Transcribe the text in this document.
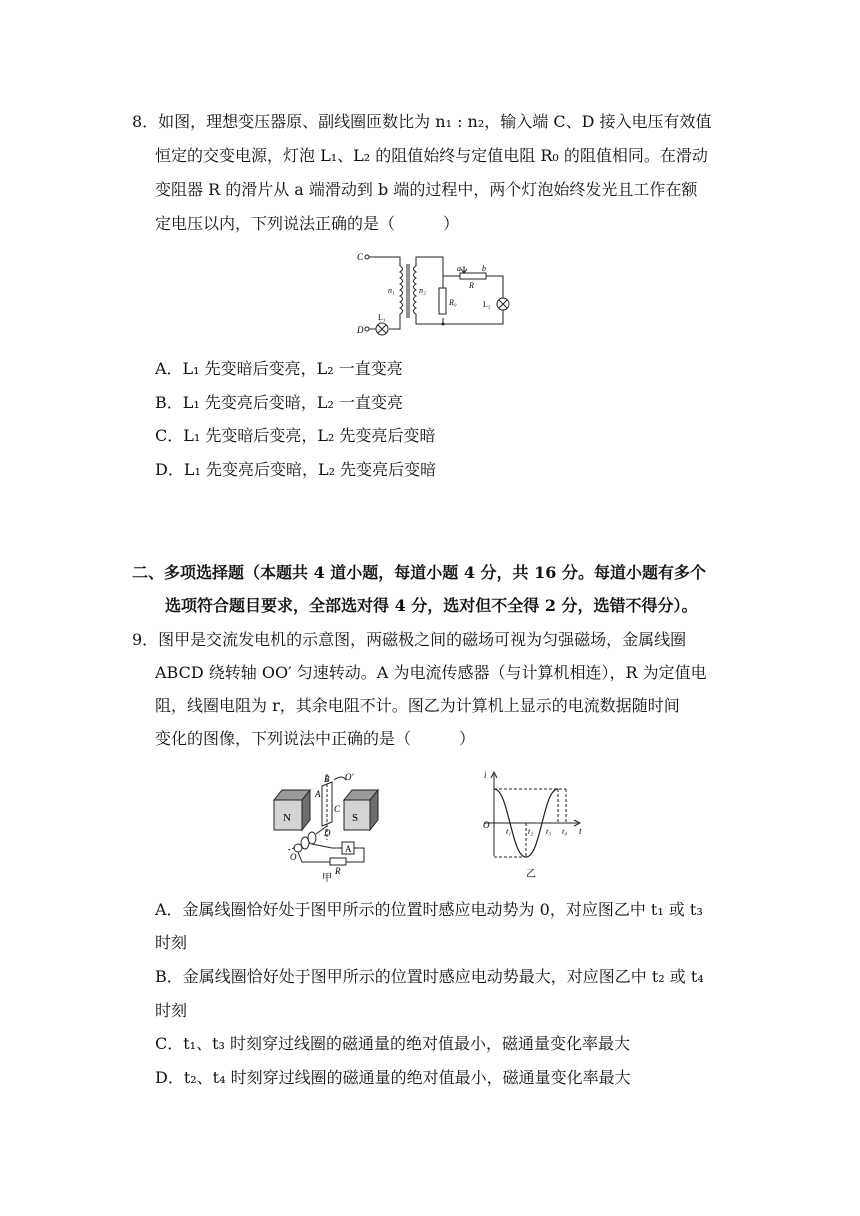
8．如图，理想变压器原、副线圈匝数比为 n₁ : n₂，输入端 C、D 接入电压有效值
恒定的交变电源，灯泡 L₁、L₂ 的阻值始终与定值电阻 R₀ 的阻值相同。在滑动
变阻器 R 的滑片从 a 端滑动到 b 端的过程中，两个灯泡始终发光且工作在额
定电压以内，下列说法正确的是（　　　）
C
D
n₁	n₂
a	b
R
R₀
L₁
L₂
A．L₁ 先变暗后变亮，L₂ 一直变亮
B．L₁ 先变亮后变暗，L₂ 一直变亮
C．L₁ 先变暗后变亮，L₂ 先变亮后变暗
D．L₁ 先变亮后变暗，L₂ 先变亮后变暗
二、多项选择题（本题共 4 道小题，每道小题 4 分，共 16 分。每道小题有多个
选项符合题目要求，全部选对得 4 分，选对但不全得 2 分，选错不得分）。
9．图甲是交流发电机的示意图，两磁极之间的磁场可视为匀强磁场，金属线圈
ABCD 绕转轴 OO′ 匀速转动。A 为电流传感器（与计算机相连），R 为定值电
阻，线圈电阻为 r，其余电阻不计。图乙为计算机上显示的电流数据随时间
变化的图像，下列说法中正确的是（　　　）
N	S
B O′
A
C
D
A
O
R
甲
i
t
O
t₁ t₂ t₃ t₄
乙
A．金属线圈恰好处于图甲所示的位置时感应电动势为 0，对应图乙中 t₁ 或 t₃
时刻
B．金属线圈恰好处于图甲所示的位置时感应电动势最大，对应图乙中 t₂ 或 t₄
时刻
C．t₁、t₃ 时刻穿过线圈的磁通量的绝对值最小，磁通量变化率最大
D．t₂、t₄ 时刻穿过线圈的磁通量的绝对值最小，磁通量变化率最大
